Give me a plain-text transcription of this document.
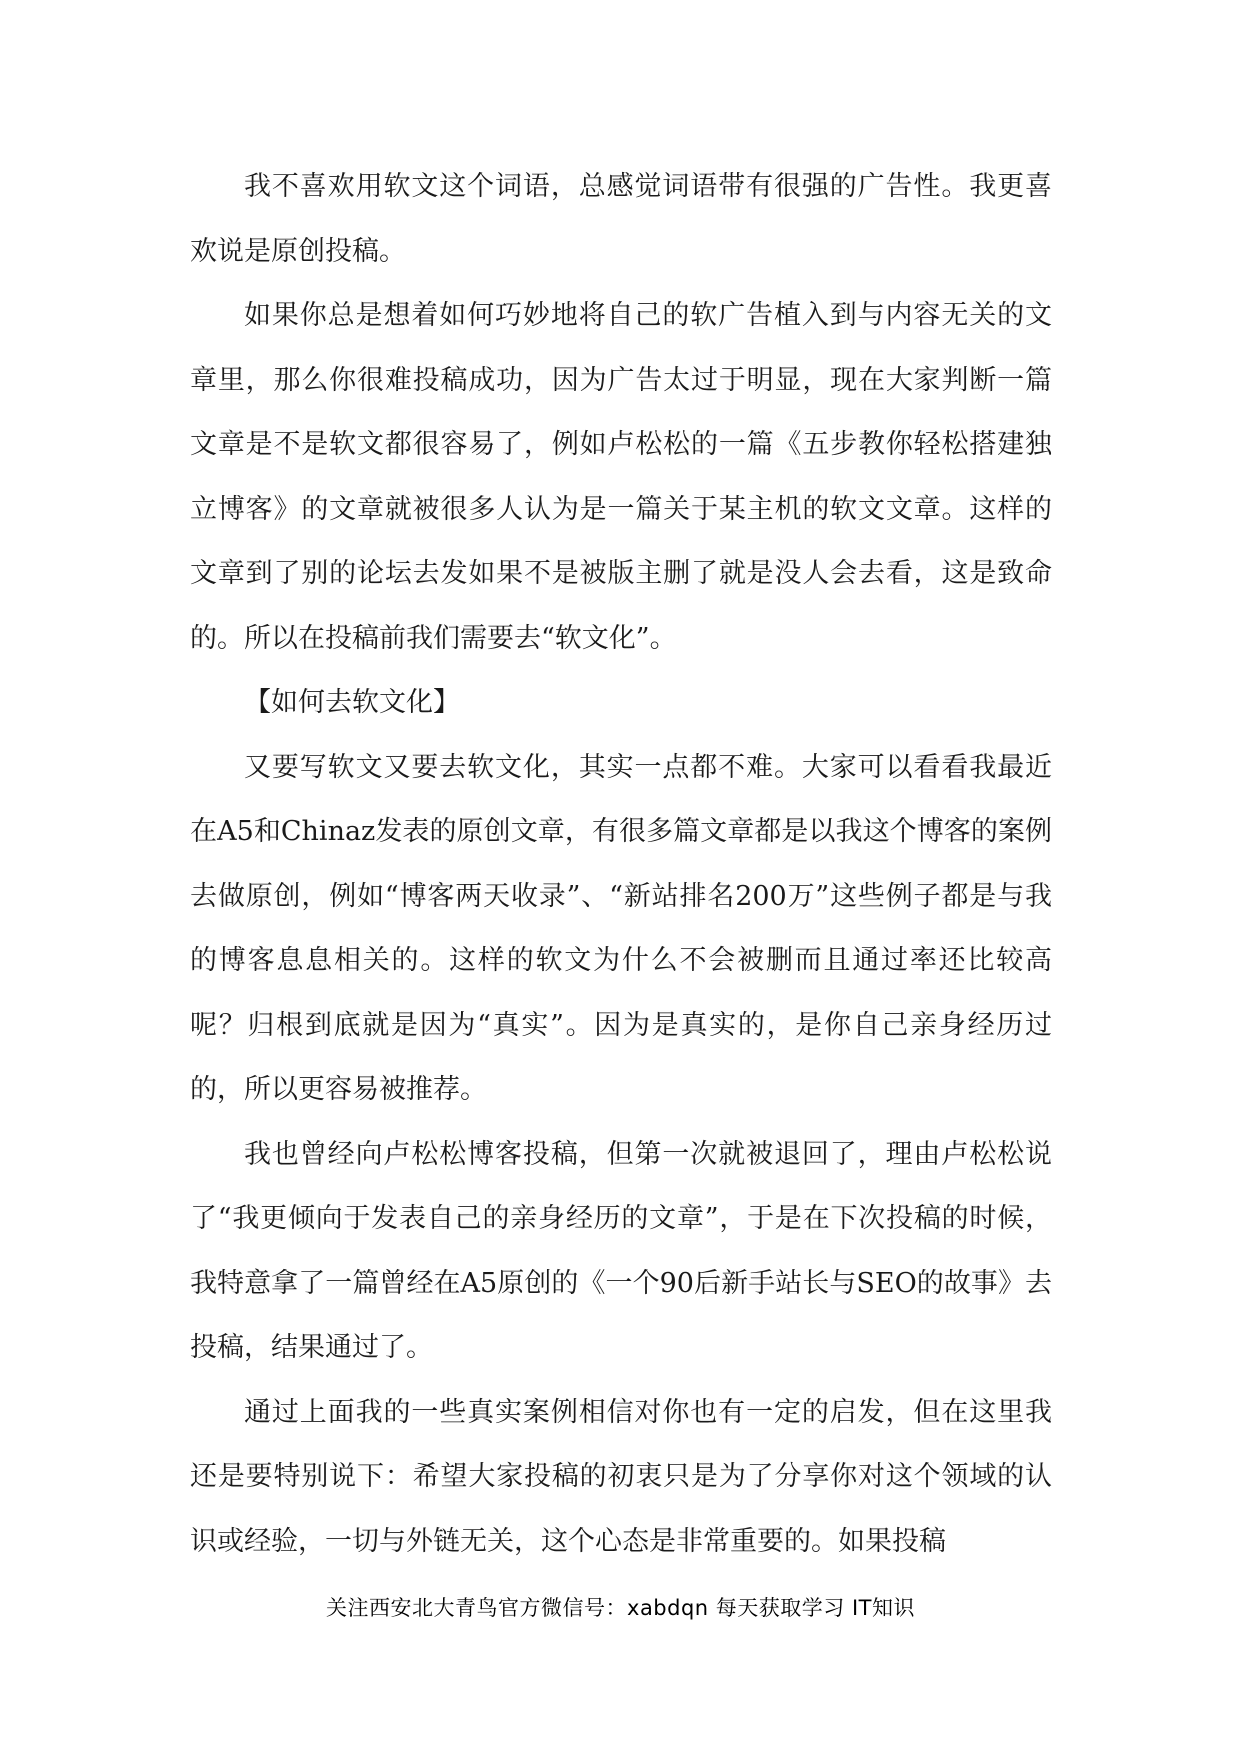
我不喜欢用软文这个词语，总感觉词语带有很强的广告性。我更喜欢说是原创投稿。

如果你总是想着如何巧妙地将自己的软广告植入到与内容无关的文章里，那么你很难投稿成功，因为广告太过于明显，现在大家判断一篇文章是不是软文都很容易了，例如卢松松的一篇《五步教你轻松搭建独立博客》的文章就被很多人认为是一篇关于某主机的软文文章。这样的文章到了别的论坛去发如果不是被版主删了就是没人会去看，这是致命的。所以在投稿前我们需要去“软文化”。

【如何去软文化】

又要写软文又要去软文化，其实一点都不难。大家可以看看我最近在A5和Chinaz发表的原创文章，有很多篇文章都是以我这个博客的案例去做原创，例如“博客两天收录”、“新站排名200万”这些例子都是与我的博客息息相关的。这样的软文为什么不会被删而且通过率还比较高呢？归根到底就是因为“真实”。因为是真实的，是你自己亲身经历过的，所以更容易被推荐。

我也曾经向卢松松博客投稿，但第一次就被退回了，理由卢松松说了“我更倾向于发表自己的亲身经历的文章”，于是在下次投稿的时候，我特意拿了一篇曾经在A5原创的《一个90后新手站长与SEO的故事》去投稿，结果通过了。

通过上面我的一些真实案例相信对你也有一定的启发，但在这里我还是要特别说下：希望大家投稿的初衷只是为了分享你对这个领域的认识或经验，一切与外链无关，这个心态是非常重要的。如果投稿

关注西安北大青鸟官方微信号：xabdqn 每天获取学习 IT知识
